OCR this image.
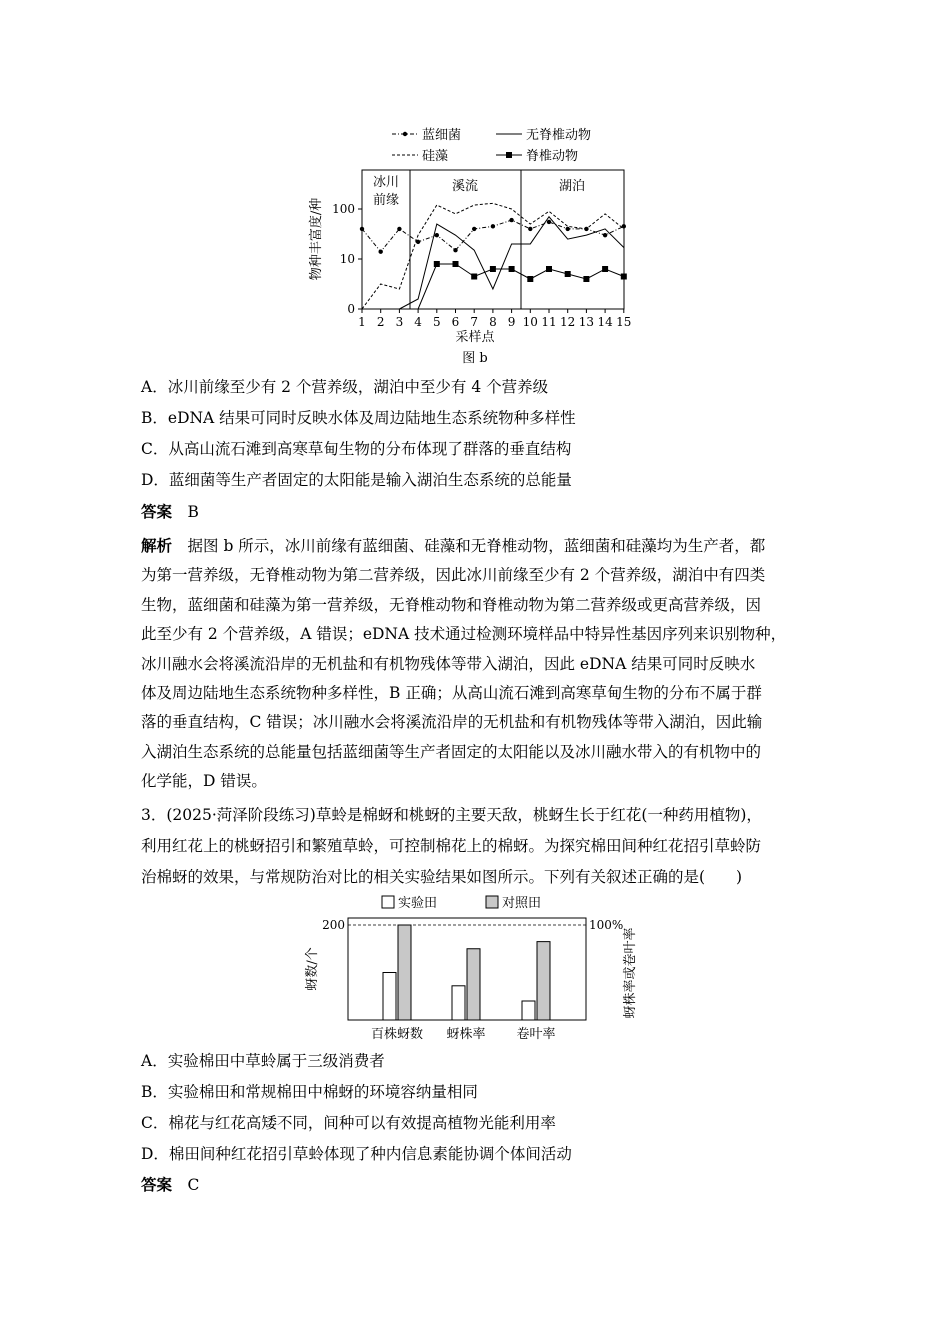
蓝细菌	无脊椎动物
硅藻	脊椎动物
冰川
前缘
溪流	湖泊
100
10
0
物种丰富度/种
1 2 3 4 5 6 7 8 9 10 11 12 13 14 15
采样点
图 b
A．冰川前缘至少有 2 个营养级，湖泊中至少有 4 个营养级
B．eDNA 结果可同时反映水体及周边陆地生态系统物种多样性
C．从高山流石滩到高寒草甸生物的分布体现了群落的垂直结构
D．蓝细菌等生产者固定的太阳能是输入湖泊生态系统的总能量
答案　 B
解析　 据图 b 所示，冰川前缘有蓝细菌、硅藻和无脊椎动物，蓝细菌和硅藻均为生产者，都
为第一营养级，无脊椎动物为第二营养级，因此冰川前缘至少有 2 个营养级，湖泊中有四类
生物，蓝细菌和硅藻为第一营养级，无脊椎动物和脊椎动物为第二营养级或更高营养级，因
此至少有 2 个营养级，A 错误；eDNA 技术通过检测环境样品中特异性基因序列来识别物种，
冰川融水会将溪流沿岸的无机盐和有机物残体等带入湖泊，因此 eDNA 结果可同时反映水
体及周边陆地生态系统物种多样性，B 正确；从高山流石滩到高寒草甸生物的分布不属于群
落的垂直结构，C 错误；冰川融水会将溪流沿岸的无机盐和有机物残体等带入湖泊，因此输
入湖泊生态系统的总能量包括蓝细菌等生产者固定的太阳能以及冰川融水带入的有机物中的
化学能，D 错误。
3．(2025·菏泽阶段练习)草蛉是棉蚜和桃蚜的主要天敌，桃蚜生长于红花(一种药用植物)，
利用红花上的桃蚜招引和繁殖草蛉，可控制棉花上的棉蚜。为探究棉田间种红花招引草蛉防
治棉蚜的效果，与常规防治对比的相关实验结果如图所示。下列有关叙述正确的是(　　)
实验田	对照田
200	100%
蚜数/个	蚜株率或卷叶率
百株蚜数 蚜株率 卷叶率
A．实验棉田中草蛉属于三级消费者
B．实验棉田和常规棉田中棉蚜的环境容纳量相同
C．棉花与红花高矮不同，间种可以有效提高植物光能利用率
D．棉田间种红花招引草蛉体现了种内信息素能协调个体间活动
答案　 C
